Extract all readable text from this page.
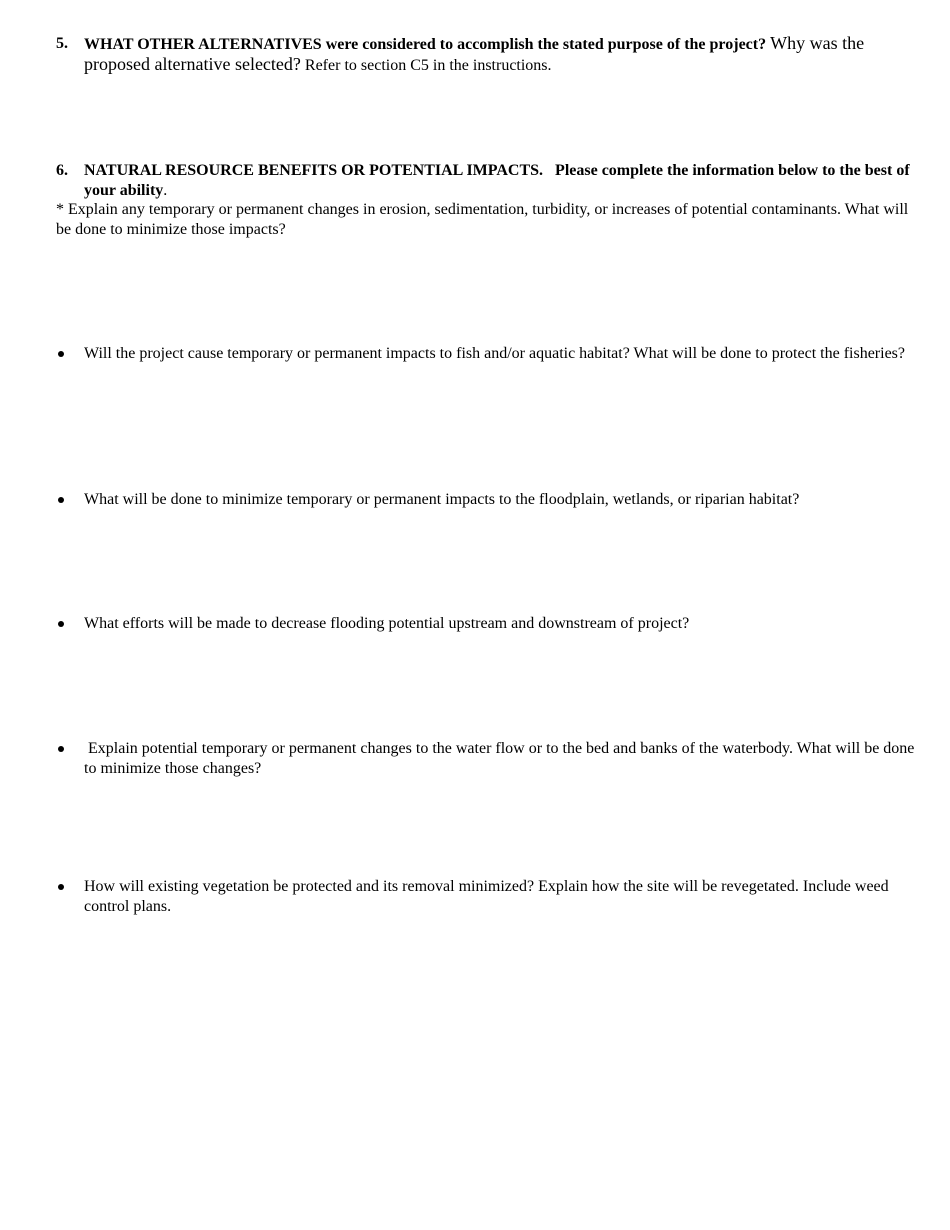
5.	WHAT OTHER ALTERNATIVES were considered to accomplish the stated purpose of the project? Why was the proposed alternative selected? Refer to section C5 in the instructions.
6.	NATURAL RESOURCE BENEFITS OR POTENTIAL IMPACTS. Please complete the information below to the best of your ability.
* Explain any temporary or permanent changes in erosion, sedimentation, turbidity, or increases of potential contaminants. What will be done to minimize those impacts?
Will the project cause temporary or permanent impacts to fish and/or aquatic habitat? What will be done to protect the fisheries?
What will be done to minimize temporary or permanent impacts to the floodplain, wetlands, or riparian habitat?
What efforts will be made to decrease flooding potential upstream and downstream of project?
Explain potential temporary or permanent changes to the water flow or to the bed and banks of the waterbody. What will be done to minimize those changes?
How will existing vegetation be protected and its removal minimized? Explain how the site will be revegetated. Include weed control plans.
